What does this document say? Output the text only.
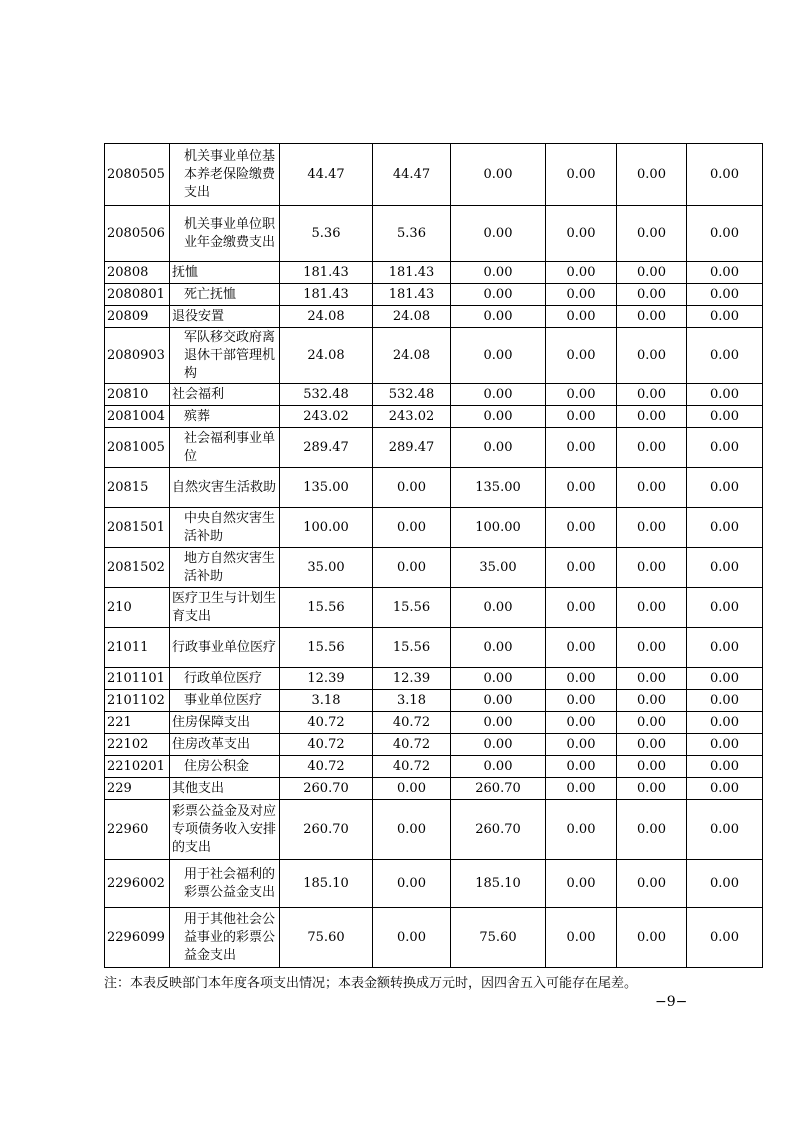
2080505	机关事业单位基本养老保险缴费支出	44.47	44.47	0.00	0.00	0.00	0.00
2080506	机关事业单位职业年金缴费支出	5.36	5.36	0.00	0.00	0.00	0.00
20808	抚恤	181.43	181.43	0.00	0.00	0.00	0.00
2080801	死亡抚恤	181.43	181.43	0.00	0.00	0.00	0.00
20809	退役安置	24.08	24.08	0.00	0.00	0.00	0.00
2080903	军队移交政府离退休干部管理机构	24.08	24.08	0.00	0.00	0.00	0.00
20810	社会福利	532.48	532.48	0.00	0.00	0.00	0.00
2081004	殡葬	243.02	243.02	0.00	0.00	0.00	0.00
2081005	社会福利事业单位	289.47	289.47	0.00	0.00	0.00	0.00
20815	自然灾害生活救助	135.00	0.00	135.00	0.00	0.00	0.00
2081501	中央自然灾害生活补助	100.00	0.00	100.00	0.00	0.00	0.00
2081502	地方自然灾害生活补助	35.00	0.00	35.00	0.00	0.00	0.00
210	医疗卫生与计划生育支出	15.56	15.56	0.00	0.00	0.00	0.00
21011	行政事业单位医疗	15.56	15.56	0.00	0.00	0.00	0.00
2101101	行政单位医疗	12.39	12.39	0.00	0.00	0.00	0.00
2101102	事业单位医疗	3.18	3.18	0.00	0.00	0.00	0.00
221	住房保障支出	40.72	40.72	0.00	0.00	0.00	0.00
22102	住房改革支出	40.72	40.72	0.00	0.00	0.00	0.00
2210201	住房公积金	40.72	40.72	0.00	0.00	0.00	0.00
229	其他支出	260.70	0.00	260.70	0.00	0.00	0.00
22960	彩票公益金及对应专项债务收入安排的支出	260.70	0.00	260.70	0.00	0.00	0.00
2296002	用于社会福利的彩票公益金支出	185.10	0.00	185.10	0.00	0.00	0.00
2296099	用于其他社会公益事业的彩票公益金支出	75.60	0.00	75.60	0.00	0.00	0.00
注：本表反映部门本年度各项支出情况；本表金额转换成万元时，因四舍五入可能存在尾差。
−9−
